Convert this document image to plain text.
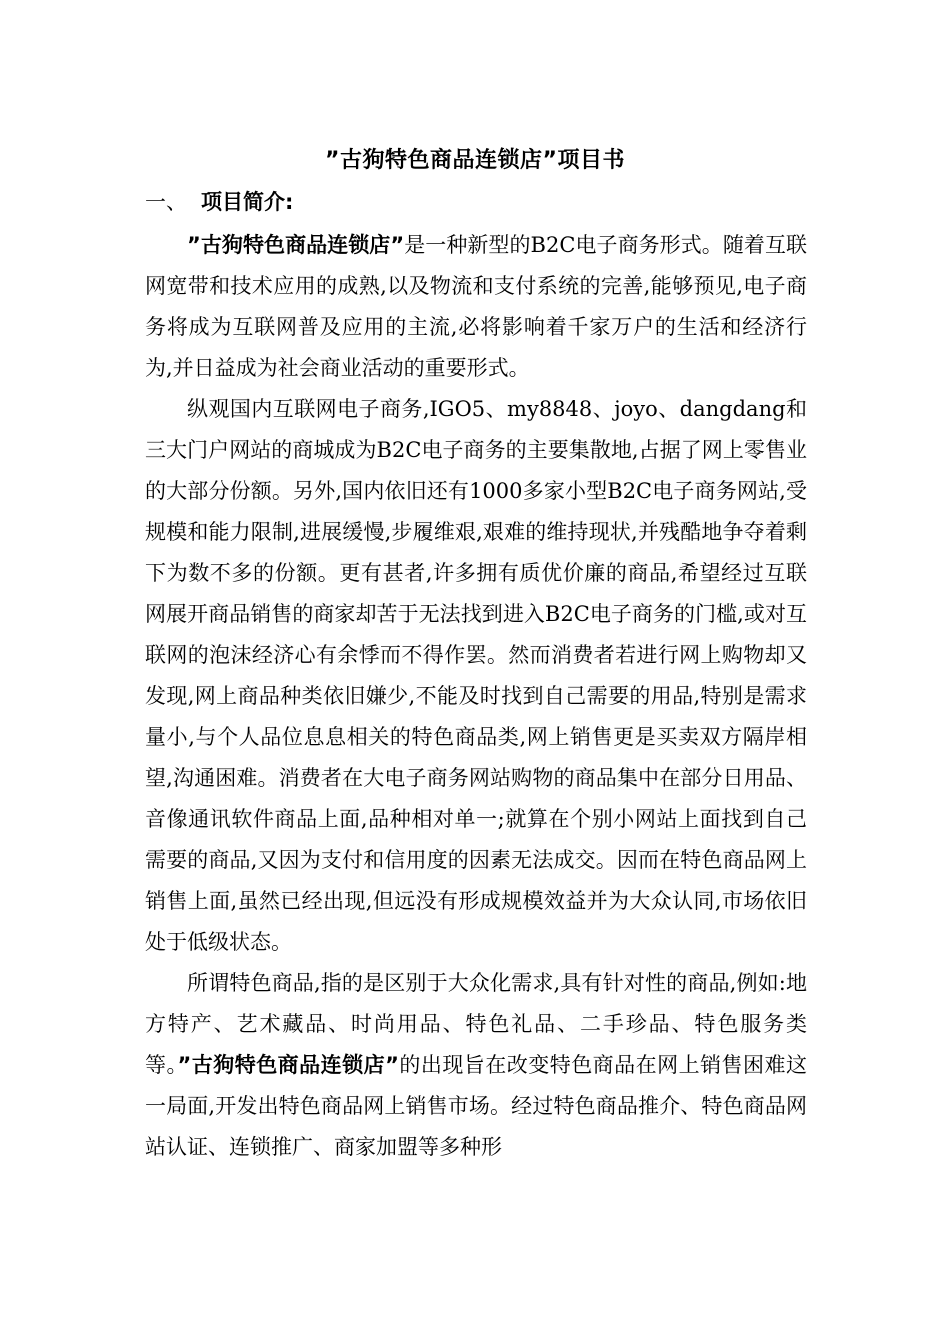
”古狗特色商品连锁店”项目书
一、 项目简介:

”古狗特色商品连锁店”是一种新型的B2C电子商务形式。随着互联网宽带和技术应用的成熟,以及物流和支付系统的完善,能够预见,电子商务将成为互联网普及应用的主流,必将影响着千家万户的生活和经济行为,并日益成为社会商业活动的重要形式。

纵观国内互联网电子商务,IGO5、my8848、joyo、dangdang和三大门户网站的商城成为B2C电子商务的主要集散地,占据了网上零售业的大部分份额。另外,国内依旧还有1000多家小型B2C电子商务网站,受规模和能力限制,进展缓慢,步履维艰,艰难的维持现状,并残酷地争夺着剩下为数不多的份额。更有甚者,许多拥有质优价廉的商品,希望经过互联网展开商品销售的商家却苦于无法找到进入B2C电子商务的门槛,或对互联网的泡沫经济心有余悸而不得作罢。然而消费者若进行网上购物却又发现,网上商品种类依旧嫌少,不能及时找到自己需要的用品,特别是需求量小,与个人品位息息相关的特色商品类,网上销售更是买卖双方隔岸相望,沟通困难。消费者在大电子商务网站购物的商品集中在部分日用品、音像通讯软件商品上面,品种相对单一;就算在个别小网站上面找到自己需要的商品,又因为支付和信用度的因素无法成交。因而在特色商品网上销售上面,虽然已经出现,但远没有形成规模效益并为大众认同,市场依旧处于低级状态。

所谓特色商品,指的是区别于大众化需求,具有针对性的商品,例如:地方特产、艺术藏品、时尚用品、特色礼品、二手珍品、特色服务类等。”古狗特色商品连锁店”的出现旨在改变特色商品在网上销售困难这一局面,开发出特色商品网上销售市场。经过特色商品推介、特色商品网站认证、连锁推广、商家加盟等多种形
